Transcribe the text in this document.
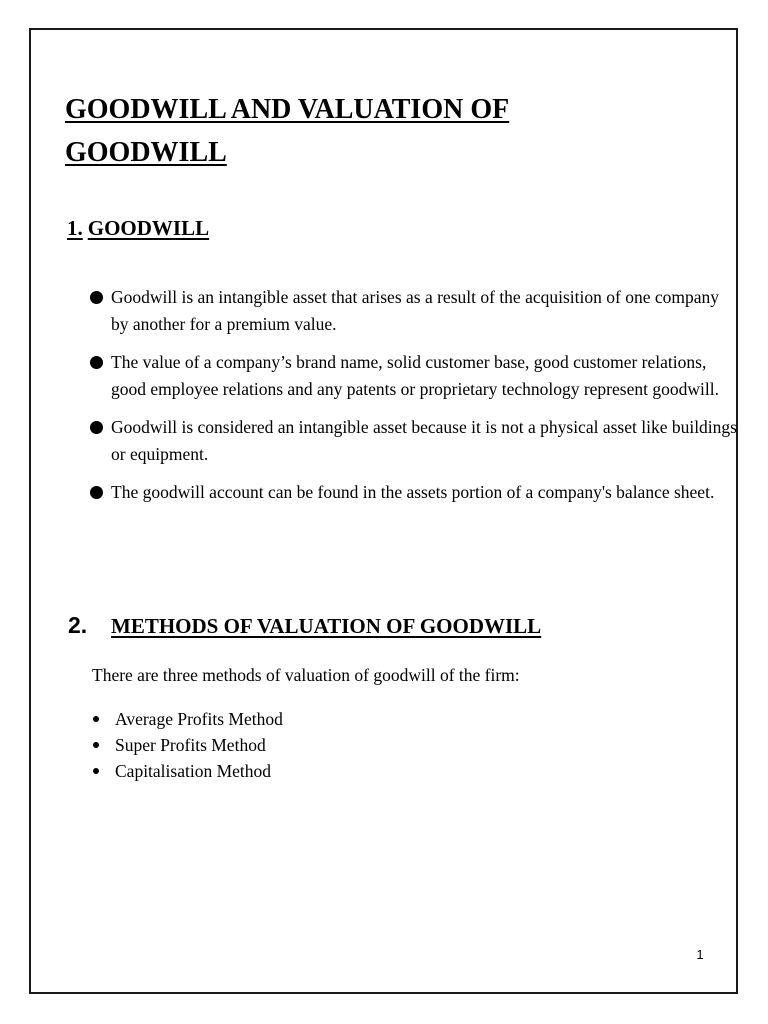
GOODWILL AND VALUATION OF
GOODWILL
1. GOODWILL
Goodwill is an intangible asset that arises as a result of the acquisition of one company by another for a premium value.
The value of a company’s brand name, solid customer base, good customer relations, good employee relations and any patents or proprietary technology represent goodwill.
Goodwill is considered an intangible asset because it is not a physical asset like buildings or equipment.
The goodwill account can be found in the assets portion of a company's balance sheet.
2. METHODS OF VALUATION OF GOODWILL

There are three methods of valuation of goodwill of the firm:

Average Profits Method
Super Profits Method
Capitalisation Method
1
